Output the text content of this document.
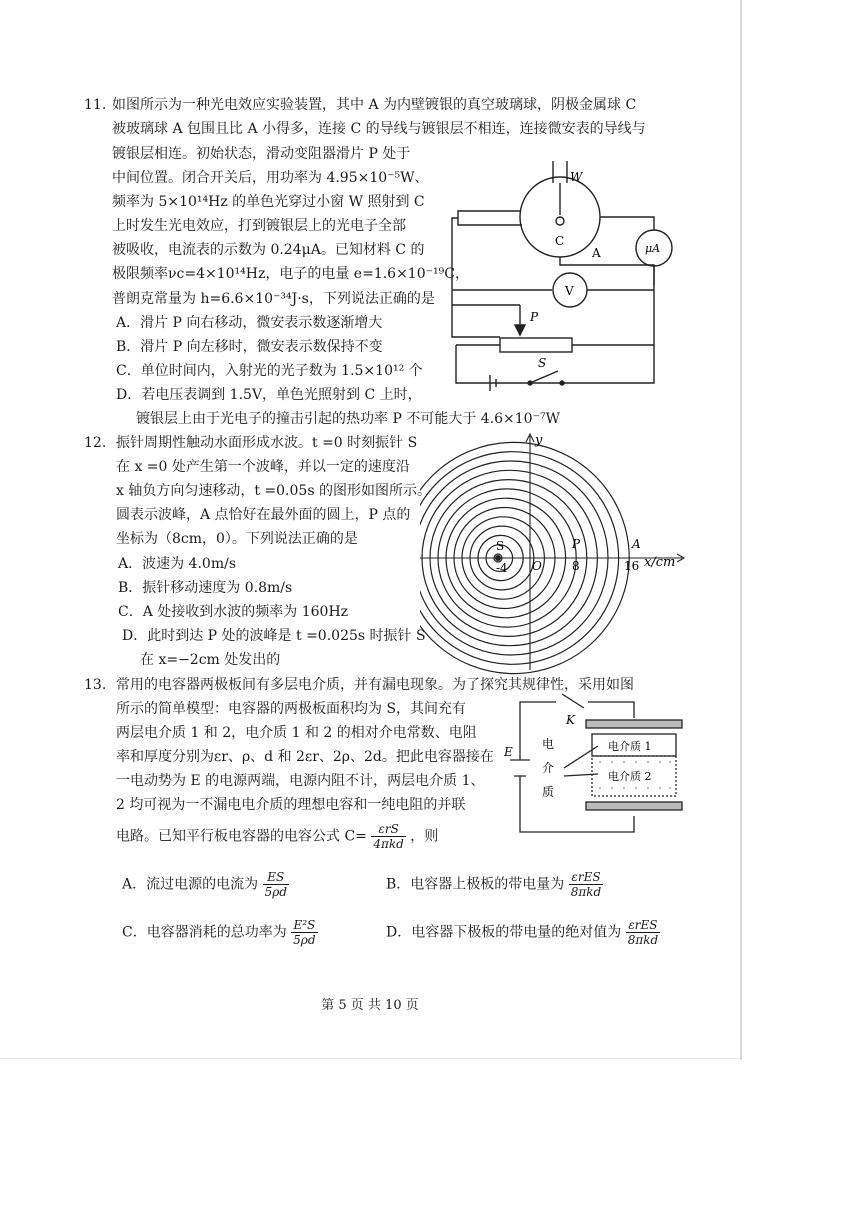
11. 如图所示为一种光电效应实验装置，其中 A 为内壁镀银的真空玻璃球，阴极金属球 C
被玻璃球 A 包围且比 A 小得多，连接 C 的导线与镀银层不相连，连接微安表的导线与
镀银层相连。初始状态，滑动变阻器滑片 P 处于
中间位置。闭合开关后，用功率为 4.95×10⁻⁵W、
频率为 5×10¹⁴Hz 的单色光穿过小窗 W 照射到 C
上时发生光电效应，打到镀银层上的光电子全部
被吸收，电流表的示数为 0.24μA。已知材料 C 的
极限频率νc=4×10¹⁴Hz，电子的电量 e=1.6×10⁻¹⁹C，
普朗克常量为 h=6.6×10⁻³⁴J·s，下列说法正确的是
A．滑片 P 向右移动，微安表示数逐渐增大
B．滑片 P 向左移时，微安表示数保持不变
C．单位时间内，入射光的光子数为 1.5×10¹² 个
D．若电压表调到 1.5V，单色光照射到 C 上时，
镀银层上由于光电子的撞击引起的热功率 P 不可能大于 4.6×10⁻⁷W
W
C
A	μA
V
P
S
12. 振针周期性触动水面形成水波。t =0 时刻振针 S
在 x =0 处产生第一个波峰，并以一定的速度沿
x 轴负方向匀速移动，t =0.05s 的图形如图所示。
圆表示波峰，A 点恰好在最外面的圆上，P 点的
坐标为（8cm，0）。下列说法正确的是
A．波速为 4.0m/s
B．振针移动速度为 0.8m/s
C．A 处接收到水波的频率为 160Hz
D．此时到达 P 处的波峰是 t =0.025s 时振针 S
在 x=−2cm 处发出的
y
x/cm
O
S
-4
P
8
A
16
13. 常用的电容器两极板间有多层电介质，并有漏电现象。为了探究其规律性，采用如图
所示的简单模型：电容器的两极板面积均为 S，其间充有
两层电介质 1 和 2，电介质 1 和 2 的相对介电常数、电阻
率和厚度分别为εr、ρ、d 和 2εr、2ρ、2d。把此电容器接在
一电动势为 E 的电源两端，电源内阻不计，两层电介质 1、
2 均可视为一不漏电电介质的理想电容和一纯电阻的并联
电路。已知平行板电容器的电容公式 $C= \frac{\text{εrS}}{\text{4πkd}}$ ，则
A．流过电源的电流为 $\frac{ES}{5\rho d}$	B．电容器上极板的带电量为 $\frac{\text{εrES}}{\text{8πkd}}$
C．电容器消耗的总功率为 $\frac{\text{E²S}}{5\rho d}$	D．电容器下极板的带电量的绝对值为 $\frac{\text{εrES}}{\text{8πkd}}$
K
E
电
介
质
电介质 1
电介质 2
第 5 页 共 10 页
